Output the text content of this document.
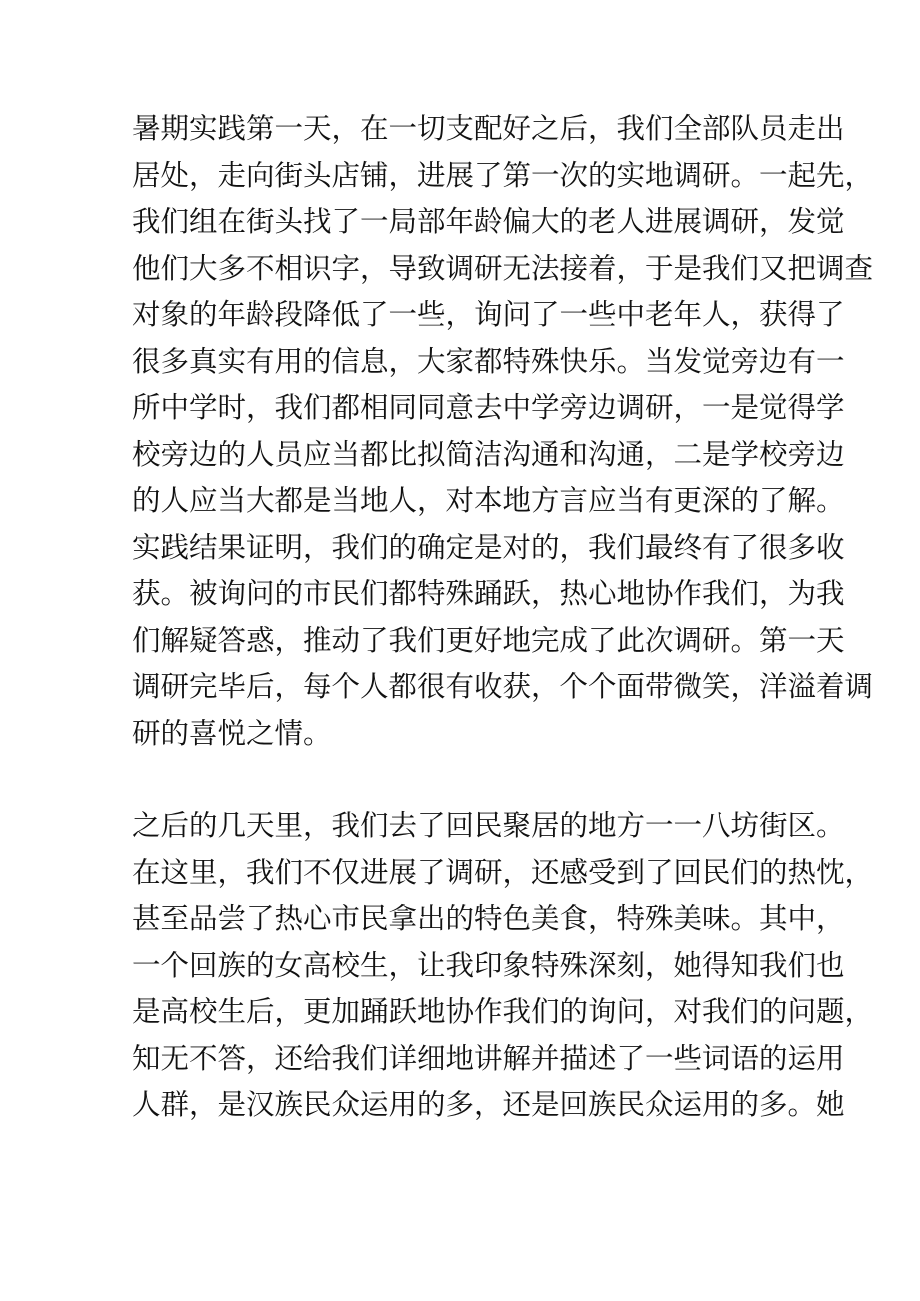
暑期实践第一天，在一切支配好之后，我们全部队员走出
居处，走向街头店铺，进展了第一次的实地调研。一起先，
我们组在街头找了一局部年龄偏大的老人进展调研，发觉
他们大多不相识字，导致调研无法接着，于是我们又把调查
对象的年龄段降低了一些，询问了一些中老年人，获得了
很多真实有用的信息，大家都特殊快乐。当发觉旁边有一
所中学时，我们都相同同意去中学旁边调研，一是觉得学
校旁边的人员应当都比拟简洁沟通和沟通，二是学校旁边
的人应当大都是当地人，对本地方言应当有更深的了解。
实践结果证明，我们的确定是对的，我们最终有了很多收
获。被询问的市民们都特殊踊跃，热心地协作我们，为我
们解疑答惑，推动了我们更好地完成了此次调研。第一天
调研完毕后，每个人都很有收获，个个面带微笑，洋溢着调
研的喜悦之情。

之后的几天里，我们去了回民聚居的地方一一八坊街区。
在这里，我们不仅进展了调研，还感受到了回民们的热忱，
甚至品尝了热心市民拿出的特色美食，特殊美味。其中，
一个回族的女高校生，让我印象特殊深刻，她得知我们也
是高校生后，更加踊跃地协作我们的询问，对我们的问题，
知无不答，还给我们详细地讲解并描述了一些词语的运用
人群，是汉族民众运用的多，还是回族民众运用的多。她
